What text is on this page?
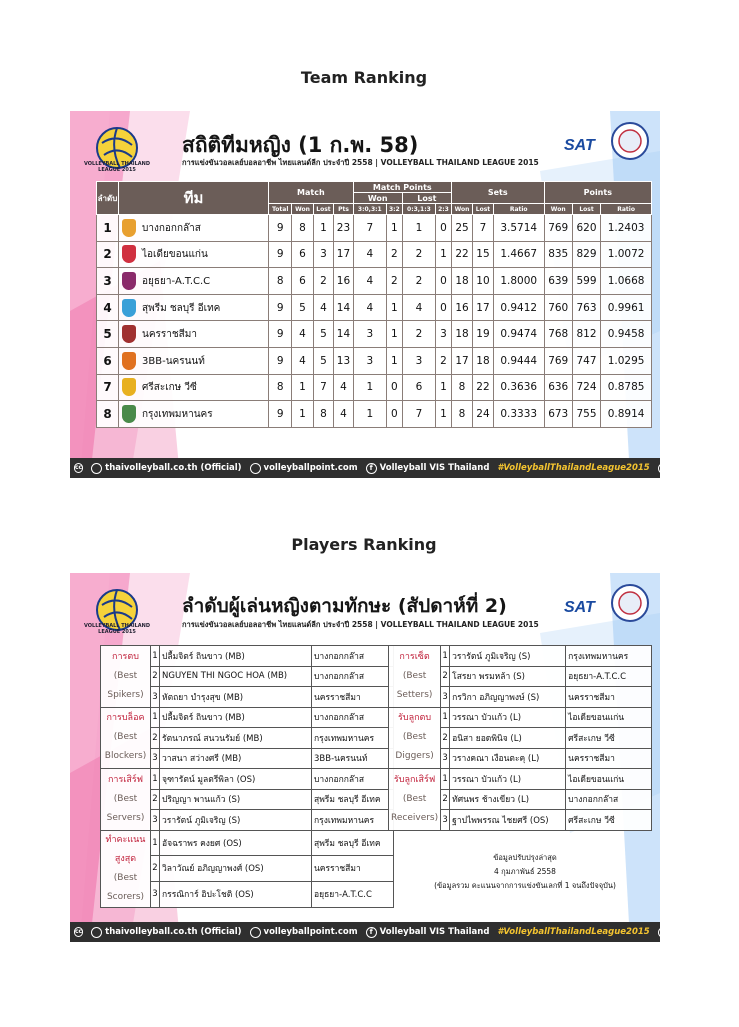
Team Ranking
VOLLEYBALL THAILAND LEAGUE 2015
สถิติทีมหญิง (1 ก.พ. 58)
การแข่งขันวอลเลย์บอลอาชีพ ไทยแลนด์ลีก ประจำปี 2558 | VOLLEYBALL THAILAND LEAGUE 2015
SAT
ลำดับ	ทีม	Match				Match Points				Sets			Points		
						Won		Lost							
		Total	Won	Lost	Pts	3:0,3:1	3:2	0:3,1:3	2:3	Won	Lost	Ratio	Won	Lost	Ratio
1	บางกอกกล๊าส	9	8	1	23	7	1	1	0	25	7	3.5714	769	620	1.2403
2	ไอเดียขอนแก่น	9	6	3	17	4	2	2	1	22	15	1.4667	835	829	1.0072
3	อยุธยา-A.T.C.C	8	6	2	16	4	2	2	0	18	10	1.8000	639	599	1.0668
4	สุพรีม ชลบุรี อีเทค	9	5	4	14	4	1	4	0	16	17	0.9412	760	763	0.9961
5	นครราชสีมา	9	4	5	14	3	1	2	3	18	19	0.9474	768	812	0.9458
6	3BB-นครนนท์	9	4	5	13	3	1	3	2	17	18	0.9444	769	747	1.0295
7	ศรีสะเกษ วีซี	8	1	7	4	1	0	6	1	8	22	0.3636	636	724	0.8785
8	กรุงเทพมหานคร	9	1	8	4	1	0	7	1	8	24	0.3333	673	755	0.8914
cc	thaivolleyball.co.th (Official)	volleyballpoint.com	f Volleyball VIS Thailand #VolleyballThailandLeague2015	Volleyball Point
Players Ranking
VOLLEYBALL THAILAND LEAGUE 2015
ลำดับผู้เล่นหญิงตามทักษะ (สัปดาห์ที่ 2)
การแข่งขันวอลเลย์บอลอาชีพ ไทยแลนด์ลีก ประจำปี 2558 | VOLLEYBALL THAILAND LEAGUE 2015
SAT
การตบ
(Best
Spikers)	1	ปลื้มจิตร์ ถินขาว (MB)	บางกอกกล๊าส
	2	NGUYEN THI NGOC HOA (MB)	บางกอกกล๊าส
	3	หัตถยา บำรุงสุข (MB)	นครราชสีมา

การบล็อค
(Best
Blockers)	1	ปลื้มจิตร์ ถินขาว (MB)	บางกอกกล๊าส
	2	รัตนาภรณ์ สนวนรัมย์ (MB)	กรุงเทพมหานคร
	3	วาสนา สว่างศรี (MB)	3BB-นครนนท์

การเสิร์ฟ
(Best
Servers)	1	จุฑารัตน์ มูลตรีพิลา (OS)	บางกอกกล๊าส
	2	ปริญญา พานแก้ว (S)	สุพรีม ชลบุรี อีเทค
	3	วรารัตน์ ภูมิเจริญ (S)	กรุงเทพมหานคร

ทำคะแนน สูงสุด
(Best
Scorers)	1	อัจฉราพร คงยศ (OS)	สุพรีม ชลบุรี อีเทค
	2	วิลาวัณย์ อภิญญาพงศ์ (OS)	นครราชสีมา
	3	กรรณิการ์ อิปะโชติ (OS)	อยุธยา-A.T.C.C
การเซ็ต
(Best
Setters)	1	วรารัตน์ ภูมิเจริญ (S)	กรุงเทพมหานคร
	2	โสรยา พรมหล้า (S)	อยุธยา-A.T.C.C
	3	กรวิกา อภิญญาพงษ์ (S)	นครราชสีมา

รับลูกตบ
(Best
Diggers)	1	วรรณา บัวแก้ว (L)	ไอเดียขอนแก่น
	2	อนิสา ยอดพินิจ (L)	ศรีสะเกษ วีซี
	3	วรางคณา เงือนตะคุ (L)	นครราชสีมา

รับลูกเสิร์ฟ
(Best
Receivers)	1	วรรณา บัวแก้ว (L)	ไอเดียขอนแก่น
	2	ทัศนพร ช้างเขียว (L)	บางกอกกล๊าส
	3	ฐาปไพพรรณ ไชยศรี (OS)	ศรีสะเกษ วีซี
ข้อมูลปรับปรุงล่าสุด
4 กุมภาพันธ์ 2558
(ข้อมูลรวม คะแนนจากการแข่งขันเลกที่ 1 จนถึงปัจจุบัน)
cc	thaivolleyball.co.th (Official)	volleyballpoint.com	f Volleyball VIS Thailand #VolleyballThailandLeague2015	Volleyball Point
